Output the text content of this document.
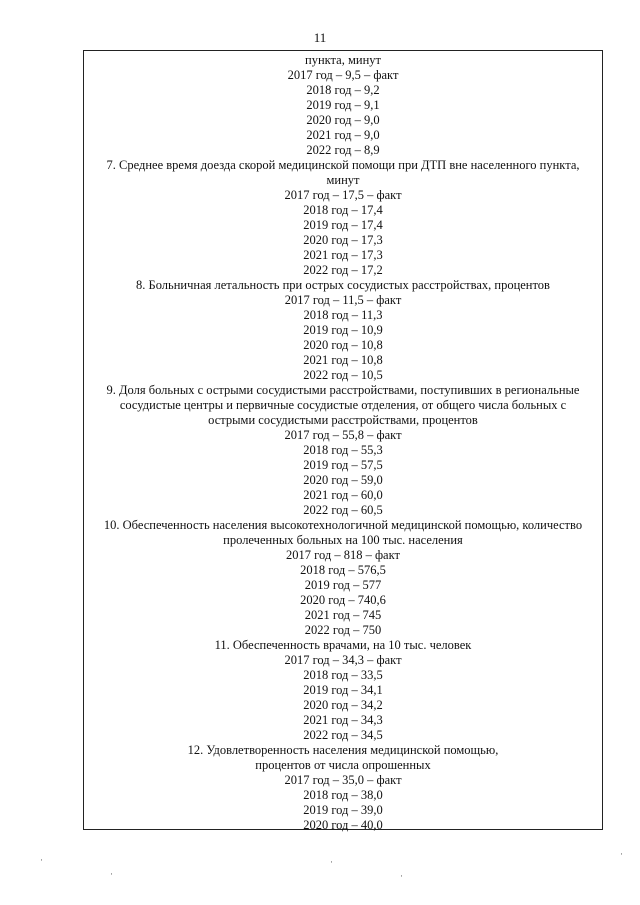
11
пункта, минут
2017 год – 9,5 – факт
2018 год – 9,2
2019 год – 9,1
2020 год – 9,0
2021 год – 9,0
2022 год – 8,9
7. Среднее время доезда скорой медицинской помощи при ДТП вне населенного пункта,
минут
2017 год – 17,5 – факт
2018 год – 17,4
2019 год – 17,4
2020 год – 17,3
2021 год – 17,3
2022 год – 17,2
8. Больничная летальность при острых сосудистых расстройствах, процентов
2017 год – 11,5 – факт
2018 год – 11,3
2019 год – 10,9
2020 год – 10,8
2021 год – 10,8
2022 год – 10,5
9. Доля больных с острыми сосудистыми расстройствами, поступивших в региональные
сосудистые центры и первичные сосудистые отделения, от общего числа больных с
острыми сосудистыми расстройствами, процентов
2017 год – 55,8 – факт
2018 год – 55,3
2019 год – 57,5
2020 год – 59,0
2021 год – 60,0
2022 год – 60,5
10. Обеспеченность населения высокотехнологичной медицинской помощью, количество
пролеченных больных на 100 тыс. населения
2017 год – 818 – факт
2018 год – 576,5
2019 год – 577
2020 год – 740,6
2021 год – 745
2022 год – 750
11. Обеспеченность врачами, на 10 тыс. человек
2017 год – 34,3 – факт
2018 год – 33,5
2019 год – 34,1
2020 год – 34,2
2021 год – 34,3
2022 год – 34,5
12. Удовлетворенность населения медицинской помощью,
процентов от числа опрошенных
2017 год – 35,0 – факт
2018 год – 38,0
2019 год – 39,0
2020 год – 40,0
·
·
·
·
·
